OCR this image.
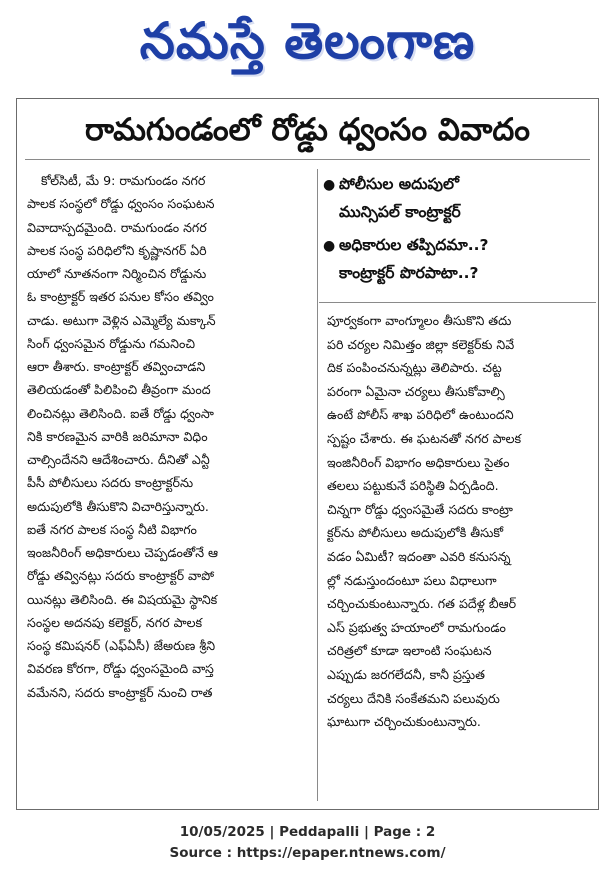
నమస్తే తెలంగాణ
రామగుండంలో రోడ్డు ధ్వంసం వివాదం
కోల్‌సిటీ, మే 9: రామగుండం నగర
పాలక సంస్థలో రోడ్డు ధ్వంసం సంఘటన
వివాదాస్పదమైంది. రామగుండం నగర
పాలక సంస్థ పరిధిలోని కృష్ణానగర్ ఏరి
యాలో నూతనంగా నిర్మించిన రోడ్డును
ఓ కాంట్రాక్టర్ ఇతర పనుల కోసం తవ్విం
చాడు. అటుగా వెళ్లిన ఎమ్మెల్యే మక్కాన్
సింగ్ ధ్వంసమైన రోడ్డును గమనించి
ఆరా తీశారు. కాంట్రాక్టర్ తవ్వించాడని
తెలియడంతో పిలిపించి తీవ్రంగా మంద
లించినట్లు తెలిసింది. ఐతే రోడ్డు ధ్వంసా
నికి కారణమైన వారికి జరిమానా విధిం
చాల్సిందేనని ఆదేశించారు. దీనితో ఎన్టీ
పీసీ పోలీసులు సదరు కాంట్రాక్టర్‌ను
అదుపులోకి తీసుకొని విచారిస్తున్నారు.
ఐతే నగర పాలక సంస్థ నీటి విభాగం
ఇంజనీరింగ్ అధికారులు చెప్పడంతోనే ఆ
రోడ్డు తవ్వినట్లు సదరు కాంట్రాక్టర్ వాపో
యినట్లు తెలిసింది. ఈ విషయమై స్థానిక
సంస్థల అదనపు కలెక్టర్, నగర పాలక
సంస్థ కమిషనర్ (ఎఫ్‌ఏసీ) జేఅరుణ శ్రీని
వివరణ కోరగా, రోడ్డు ధ్వంసమైంది వాస్త
వమేనని, సదరు కాంట్రాక్టర్ నుంచి రాత
● పోలీసుల అదుపులో
మున్సిపల్ కాంట్రాక్టర్
● అధికారుల తప్పిదమా..?
కాంట్రాక్టర్ పొరపాటా..?
పూర్వకంగా వాంగ్మూలం తీసుకొని తదు
పరి చర్యల నిమిత్తం జిల్లా కలెక్టర్‌కు నివే
దిక పంపించనున్నట్లు తెలిపారు. చట్ట
పరంగా ఏమైనా చర్యలు తీసుకోవాల్సి
ఉంటే పోలీస్ శాఖ పరిధిలో ఉంటుందని
స్పష్టం చేశారు. ఈ ఘటనతో నగర పాలక
ఇంజినీరింగ్ విభాగం అధికారులు సైతం
తలలు పట్టుకునే పరిస్థితి ఏర్పడింది.
చిన్నగా రోడ్డు ధ్వంసమైతే సదరు కాంట్రా
క్టర్‌ను పోలీసులు అదుపులోకి తీసుకో
వడం ఏమిటీ? ఇదంతా ఎవరి కనుసన్న
ల్లో నడుస్తుందంటూ పలు విధాలుగా
చర్చించుకుంటున్నారు. గత పదేళ్ల బీఆర్
ఎస్ ప్రభుత్వ హయాంలో రామగుండం
చరిత్రలో కూడా ఇలాంటి సంఘటన
ఎప్పుడు జరగలేదనీ, కానీ ప్రస్తుత
చర్యలు దేనికి సంకేతమని పలువురు
ఘాటుగా చర్చించుకుంటున్నారు.
10/05/2025 | Peddapalli | Page : 2
Source : https://epaper.ntnews.com/
